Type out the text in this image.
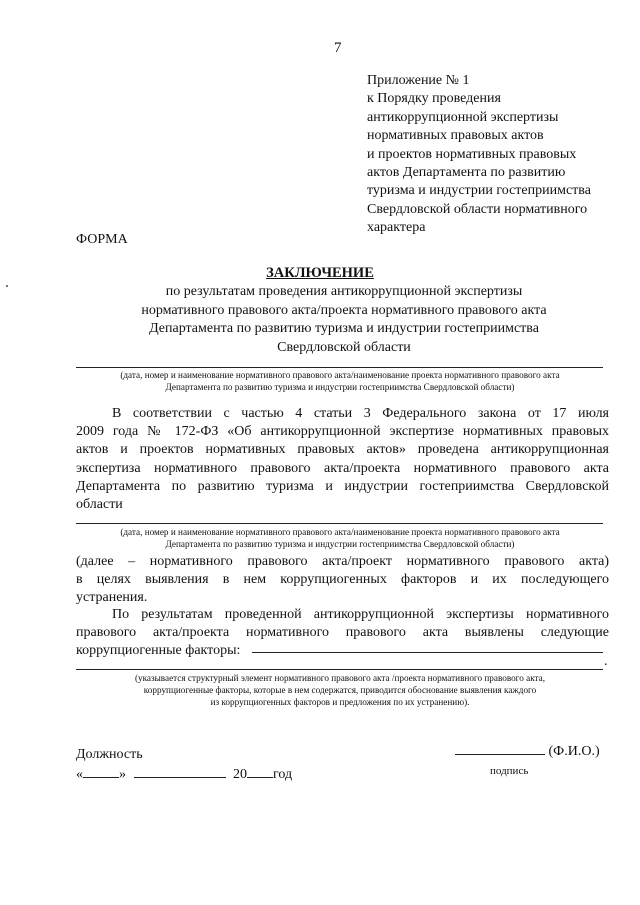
7
Приложение № 1
к Порядку проведения
антикоррупционной экспертизы
нормативных правовых актов
и проектов нормативных правовых
актов Департамента по развитию
туризма и индустрии гостеприимства
Свердловской области нормативного
характера
ФОРМА
ЗАКЛЮЧЕНИЕ
по результатам проведения антикоррупционной экспертизы
нормативного правового акта/проекта нормативного правового акта
Департамента по развитию туризма и индустрии гостеприимства
Свердловской области
(дата, номер и наименование нормативного правового акта/наименование проекта нормативного правового акта
Департамента по развитию туризма и индустрии гостеприимства Свердловской области)
В соответствии с частью 4 статьи 3 Федерального закона от 17 июля
2009 года № 172-ФЗ «Об антикоррупционной экспертизе нормативных правовых
актов и проектов нормативных правовых актов» проведена антикоррупционная
экспертиза нормативного правового акта/проекта нормативного правового акта
Департамента по развитию туризма и индустрии гостеприимства Свердловской
области
(дата, номер и наименование нормативного правового акта/наименование проекта нормативного правового акта
Департамента по развитию туризма и индустрии гостеприимства Свердловской области)
(далее – нормативного правового акта/проект нормативного правового акта)
в целях выявления в нем коррупциогенных факторов и их последующего
устранения.
По результатам проведенной антикоррупционной экспертизы нормативного
правового акта/проекта нормативного правового акта выявлены следующие
коррупциогенные факторы:
.
(указывается структурный элемент нормативного правового акта /проекта нормативного правового акта,
коррупциогенные факторы, которые в нем содержатся, приводится обоснование выявления каждого
из коррупциогенных факторов и предложения по их устранению).
Должность
«	»	20 год
(Ф.И.О.)
подпись
